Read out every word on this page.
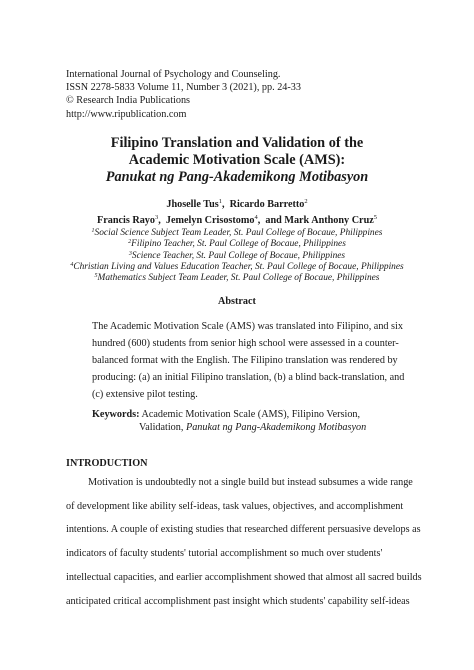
International Journal of Psychology and Counseling.
ISSN 2278-5833 Volume 11, Number 3 (2021), pp. 24-33
© Research India Publications
http://www.ripublication.com
Filipino Translation and Validation of the
Academic Motivation Scale (AMS):
Panukat ng Pang-Akademikong Motibasyon
Jhoselle Tus$^1$, Ricardo Barretto$^2$
Francis Rayo$^3$, Jemelyn Crisostomo$^4$, and Mark Anthony Cruz$^5$
$^1$Social Science Subject Team Leader, St. Paul College of Bocaue, Philippines
$^2$Filipino Teacher, St. Paul College of Bocaue, Philippines
$^3$Science Teacher, St. Paul College of Bocaue, Philippines
$^4$Christian Living and Values Education Teacher, St. Paul College of Bocaue, Philippines
$^5$Mathematics Subject Team Leader, St. Paul College of Bocaue, Philippines
Abstract
The Academic Motivation Scale (AMS) was translated into Filipino, and six
hundred (600) students from senior high school were assessed in a counter-
balanced format with the English. The Filipino translation was rendered by
producing: (a) an initial Filipino translation, (b) a blind back-translation, and
(c) extensive pilot testing.
Keywords: Academic Motivation Scale (AMS), Filipino Version,
Validation, Panukat ng Pang-Akademikong Motibasyon
INTRODUCTION
Motivation is undoubtedly not a single build but instead subsumes a wide range
of development like ability self-ideas, task values, objectives, and accomplishment
intentions. A couple of existing studies that researched different persuasive develops as
indicators of faculty students' tutorial accomplishment so much over students'
intellectual capacities, and earlier accomplishment showed that almost all sacred builds
anticipated critical accomplishment past insight which students' capability self-ideas
